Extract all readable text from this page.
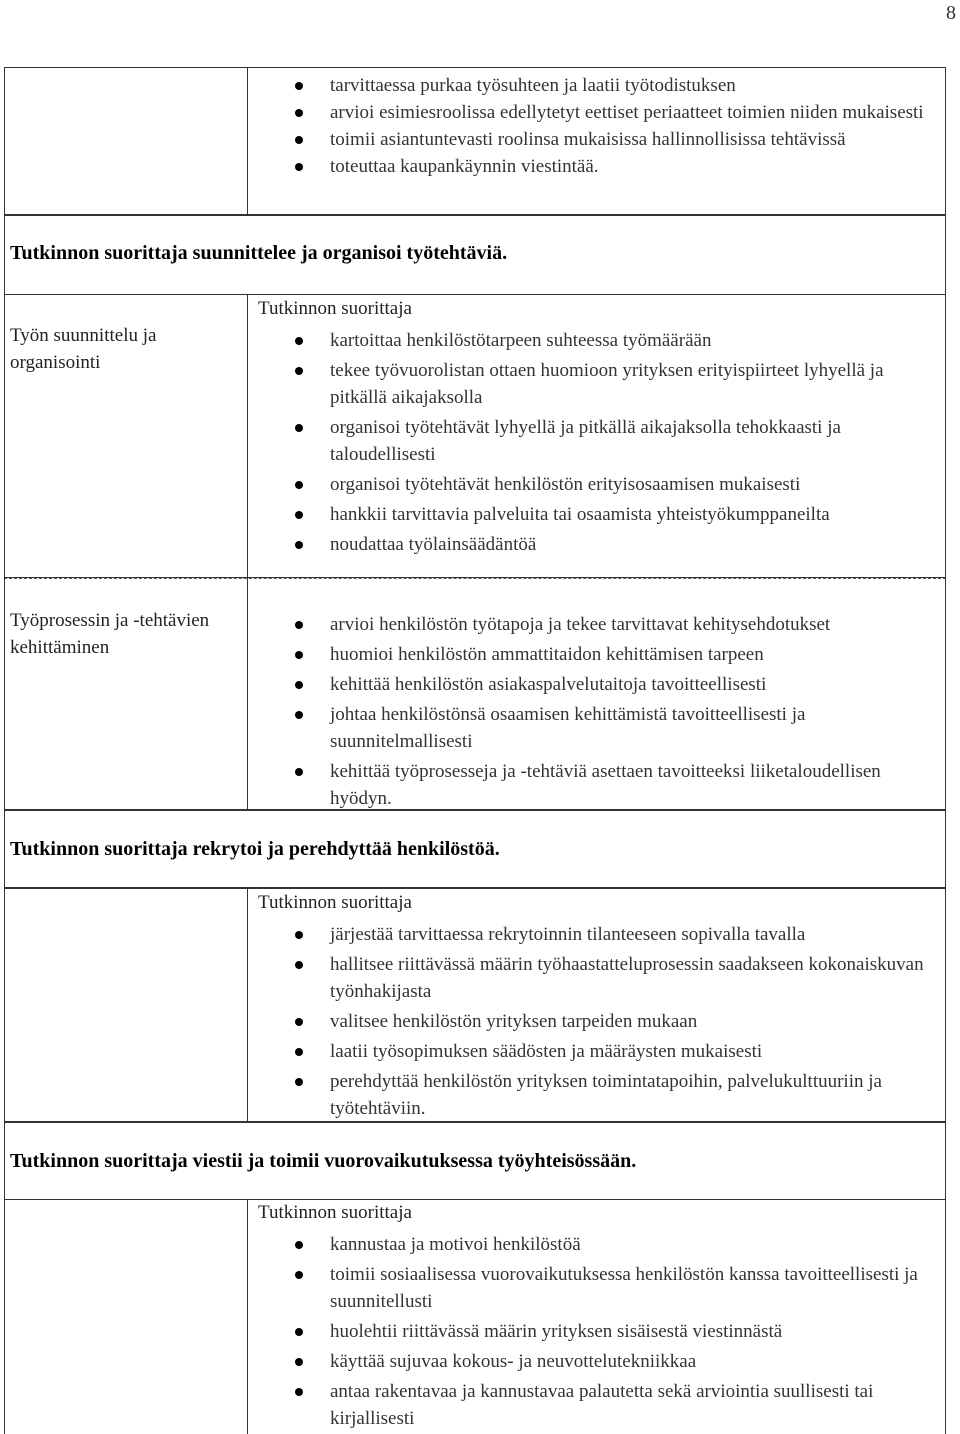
8
tarvittaessa purkaa työsuhteen ja laatii työtodistuksen
arvioi esimiesroolissa edellytetyt eettiset periaatteet toimien niiden mukaisesti
toimii asiantuntevasti roolinsa mukaisissa hallinnollisissa tehtävissä
toteuttaa kaupankäynnin viestintää.
Tutkinnon suorittaja suunnittelee ja organisoi työtehtäviä.
Työn suunnittelu ja organisointi
Tutkinnon suorittaja
kartoittaa henkilöstötarpeen suhteessa työmäärään
tekee työvuorolistan ottaen huomioon yrityksen erityispiirteet lyhyellä ja pitkällä aikajaksolla
organisoi työtehtävät lyhyellä ja pitkällä aikajaksolla tehokkaasti ja taloudellisesti
organisoi työtehtävät henkilöstön erityisosaamisen mukaisesti
hankkii tarvittavia palveluita tai osaamista yhteistyökumppaneilta
noudattaa työlainsäädäntöä
Työprosessin ja -tehtävien kehittäminen
arvioi henkilöstön työtapoja ja tekee tarvittavat kehitysehdotukset
huomioi henkilöstön ammattitaidon kehittämisen tarpeen
kehittää henkilöstön asiakaspalvelutaitoja tavoitteellisesti
johtaa henkilöstönsä osaamisen kehittämistä tavoitteellisesti ja suunnitelmallisesti
kehittää työprosesseja ja -tehtäviä asettaen tavoitteeksi liiketaloudellisen hyödyn.
Tutkinnon suorittaja rekrytoi ja perehdyttää henkilöstöä.
Tutkinnon suorittaja
järjestää tarvittaessa rekrytoinnin tilanteeseen sopivalla tavalla
hallitsee riittävässä määrin työhaastatteluprosessin saadakseen kokonaiskuvan työnhakijasta
valitsee henkilöstön yrityksen tarpeiden mukaan
laatii työsopimuksen säädösten ja määräysten mukaisesti
perehdyttää henkilöstön yrityksen toimintatapoihin, palvelukulttuuriin ja työtehtäviin.
Tutkinnon suorittaja viestii ja toimii vuorovaikutuksessa työyhteisössään.
Tutkinnon suorittaja
kannustaa ja motivoi henkilöstöä
toimii sosiaalisessa vuorovaikutuksessa henkilöstön kanssa tavoitteellisesti ja suunnitellusti
huolehtii riittävässä määrin yrityksen sisäisestä viestinnästä
käyttää sujuvaa kokous- ja neuvottelutekniikkaa
antaa rakentavaa ja kannustavaa palautetta sekä arviointia suullisesti tai kirjallisesti
